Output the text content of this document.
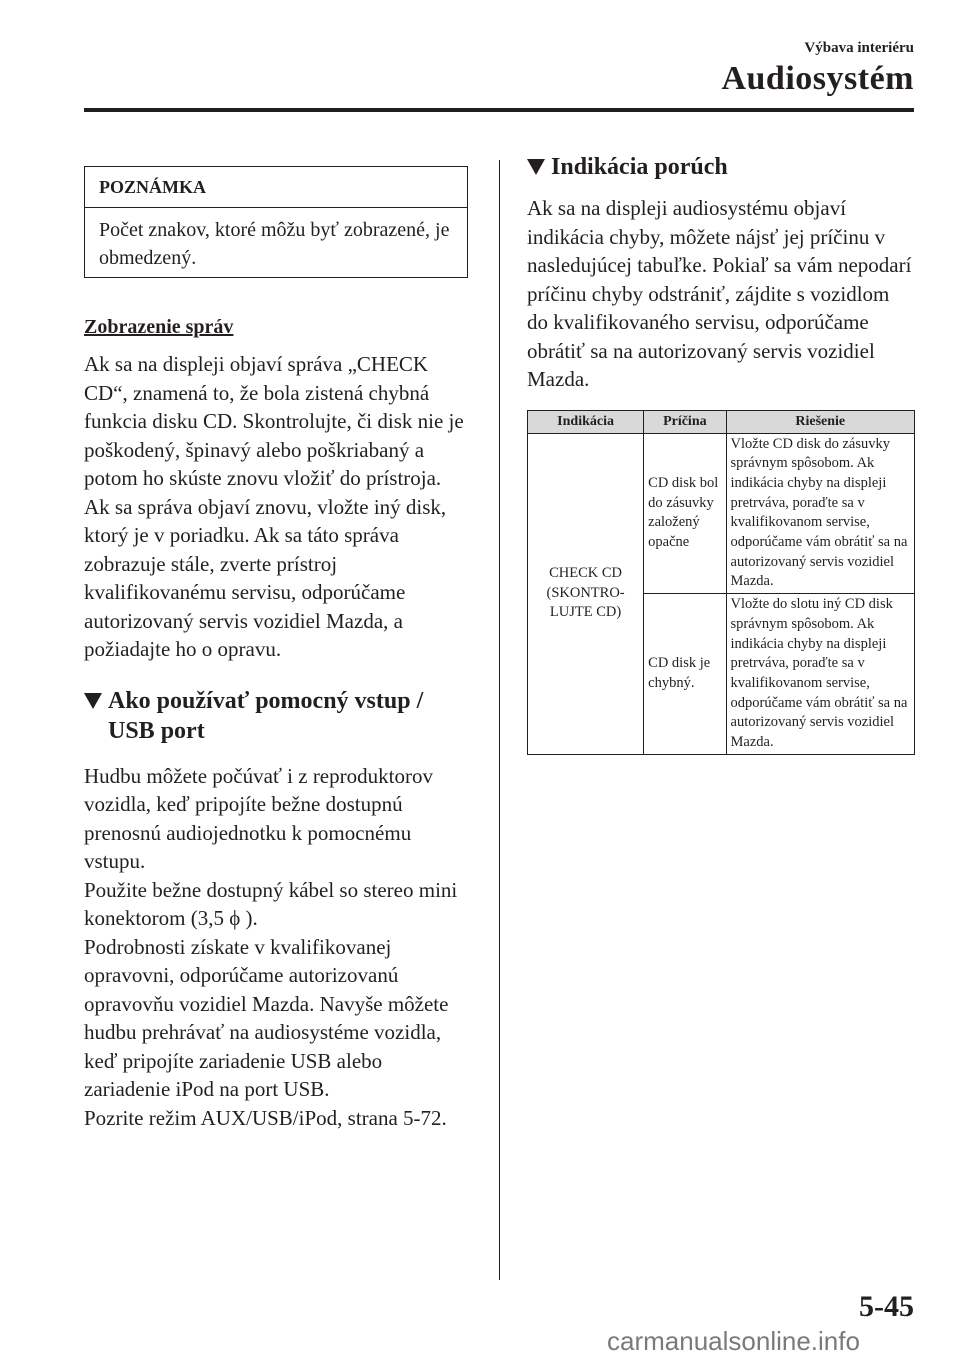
Výbava interiéru
Audiosystém
POZNÁMKA
Počet znakov, ktoré môžu byť zobrazené, je obmedzený.
Zobrazenie správ
Ak sa na displeji objaví správa „CHECK CD“, znamená to, že bola zistená chybná funkcia disku CD. Skontrolujte, či disk nie je poškodený, špinavý alebo poškriabaný a potom ho skúste znovu vložiť do prístroja. Ak sa správa objaví znovu, vložte iný disk, ktorý je v poriadku. Ak sa táto správa zobrazuje stále, zverte prístroj kvalifikovanému servisu, odporúčame autorizovaný servis vozidiel Mazda, a požiadajte ho o opravu.
Ako používať pomocný vstup /
USB port
Hudbu môžete počúvať i z reproduktorov vozidla, keď pripojíte bežne dostupnú prenosnú audiojednotku k pomocnému vstupu.
Použite bežne dostupný kábel so stereo mini konektorom (3,5 ϕ ).
Podrobnosti získate v kvalifikovanej opravovni, odporúčame autorizovanú opravovňu vozidiel Mazda. Navyše môžete hudbu prehrávať na audiosystéme vozidla, keď pripojíte zariadenie USB alebo zariadenie iPod na port USB.
Pozrite režim AUX/USB/iPod, strana 5-72.
Indikácia porúch
Ak sa na displeji audiosystému objaví indikácia chyby, môžete nájsť jej príčinu v nasledujúcej tabuľke. Pokiaľ sa vám nepodarí príčinu chyby odstrániť, zájdite s vozidlom do kvalifikovaného servisu, odporúčame obrátiť sa na autorizovaný servis vozidiel Mazda.
Indikácia	Príčina	Riešenie
CHECK CD (SKONTRO-LUJTE CD)	CD disk bol do zásuvky založený opačne	Vložte CD disk do zásuvky správnym spôsobom. Ak indikácia chyby na displeji pretrváva, poraďte sa v kvalifikovanom servise, odporúčame vám obrátiť sa na autorizovaný servis vozidiel Mazda.
	CD disk je chybný.	Vložte do slotu iný CD disk správnym spôsobom. Ak indikácia chyby na displeji pretrváva, poraďte sa v kvalifikovanom servise, odporúčame vám obrátiť sa na autorizovaný servis vozidiel Mazda.
5-45
carmanualsonline.info
